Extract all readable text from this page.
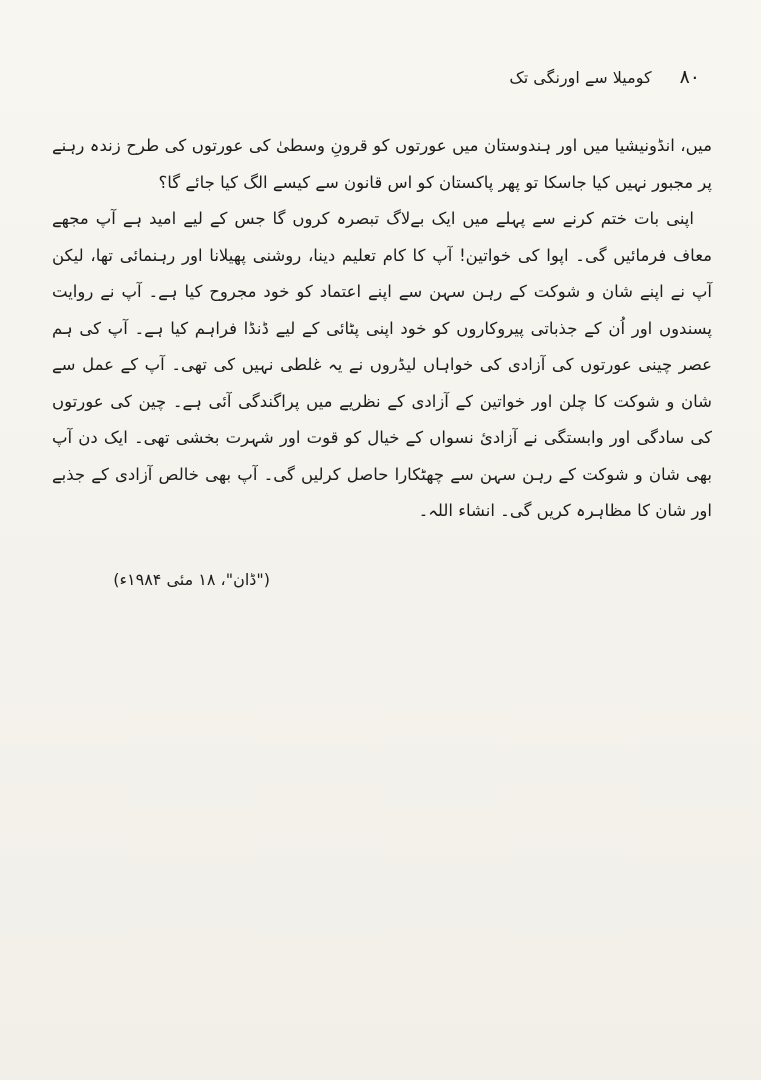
۸۰
کومیلا سے اورنگی تک

میں، انڈونیشیا میں اور ہندوستان میں عورتوں کو قرونِ وسطیٰ کی عورتوں کی طرح زندہ رہنے پر مجبور نہیں کیا جاسکا تو پھر پاکستان کو اس قانون سے کیسے الگ کیا جائے گا؟

اپنی بات ختم کرنے سے پہلے میں ایک بےلاگ تبصرہ کروں گا جس کے لیے امید ہے آپ مجھے معاف فرمائیں گی۔ اپوا کی خواتین! آپ کا کام تعلیم دینا، روشنی پھیلانا اور رہنمائی تھا، لیکن آپ نے اپنے شان و شوکت کے رہن سہن سے اپنے اعتماد کو خود مجروح کیا ہے۔ آپ نے روایت پسندوں اور اُن کے جذباتی پیروکاروں کو خود اپنی پٹائی کے لیے ڈنڈا فراہم کیا ہے۔ آپ کی ہم عصر چینی عورتوں کی آزادی کی خواہاں لیڈروں نے یہ غلطی نہیں کی تھی۔ آپ کے عمل سے شان و شوکت کا چلن اور خواتین کے آزادی کے نظریے میں پراگندگی آئی ہے۔ چین کی عورتوں کی سادگی اور وابستگی نے آزادیٔ نسواں کے خیال کو قوت اور شہرت بخشی تھی۔ ایک دن آپ بھی شان و شوکت کے رہن سہن سے چھٹکارا حاصل کرلیں گی۔ آپ بھی خالص آزادی کے جذبے اور شان کا مظاہرہ کریں گی۔ انشاء اللہ۔

("ڈان"، ۱۸ مئی ۱۹۸۴ء)
